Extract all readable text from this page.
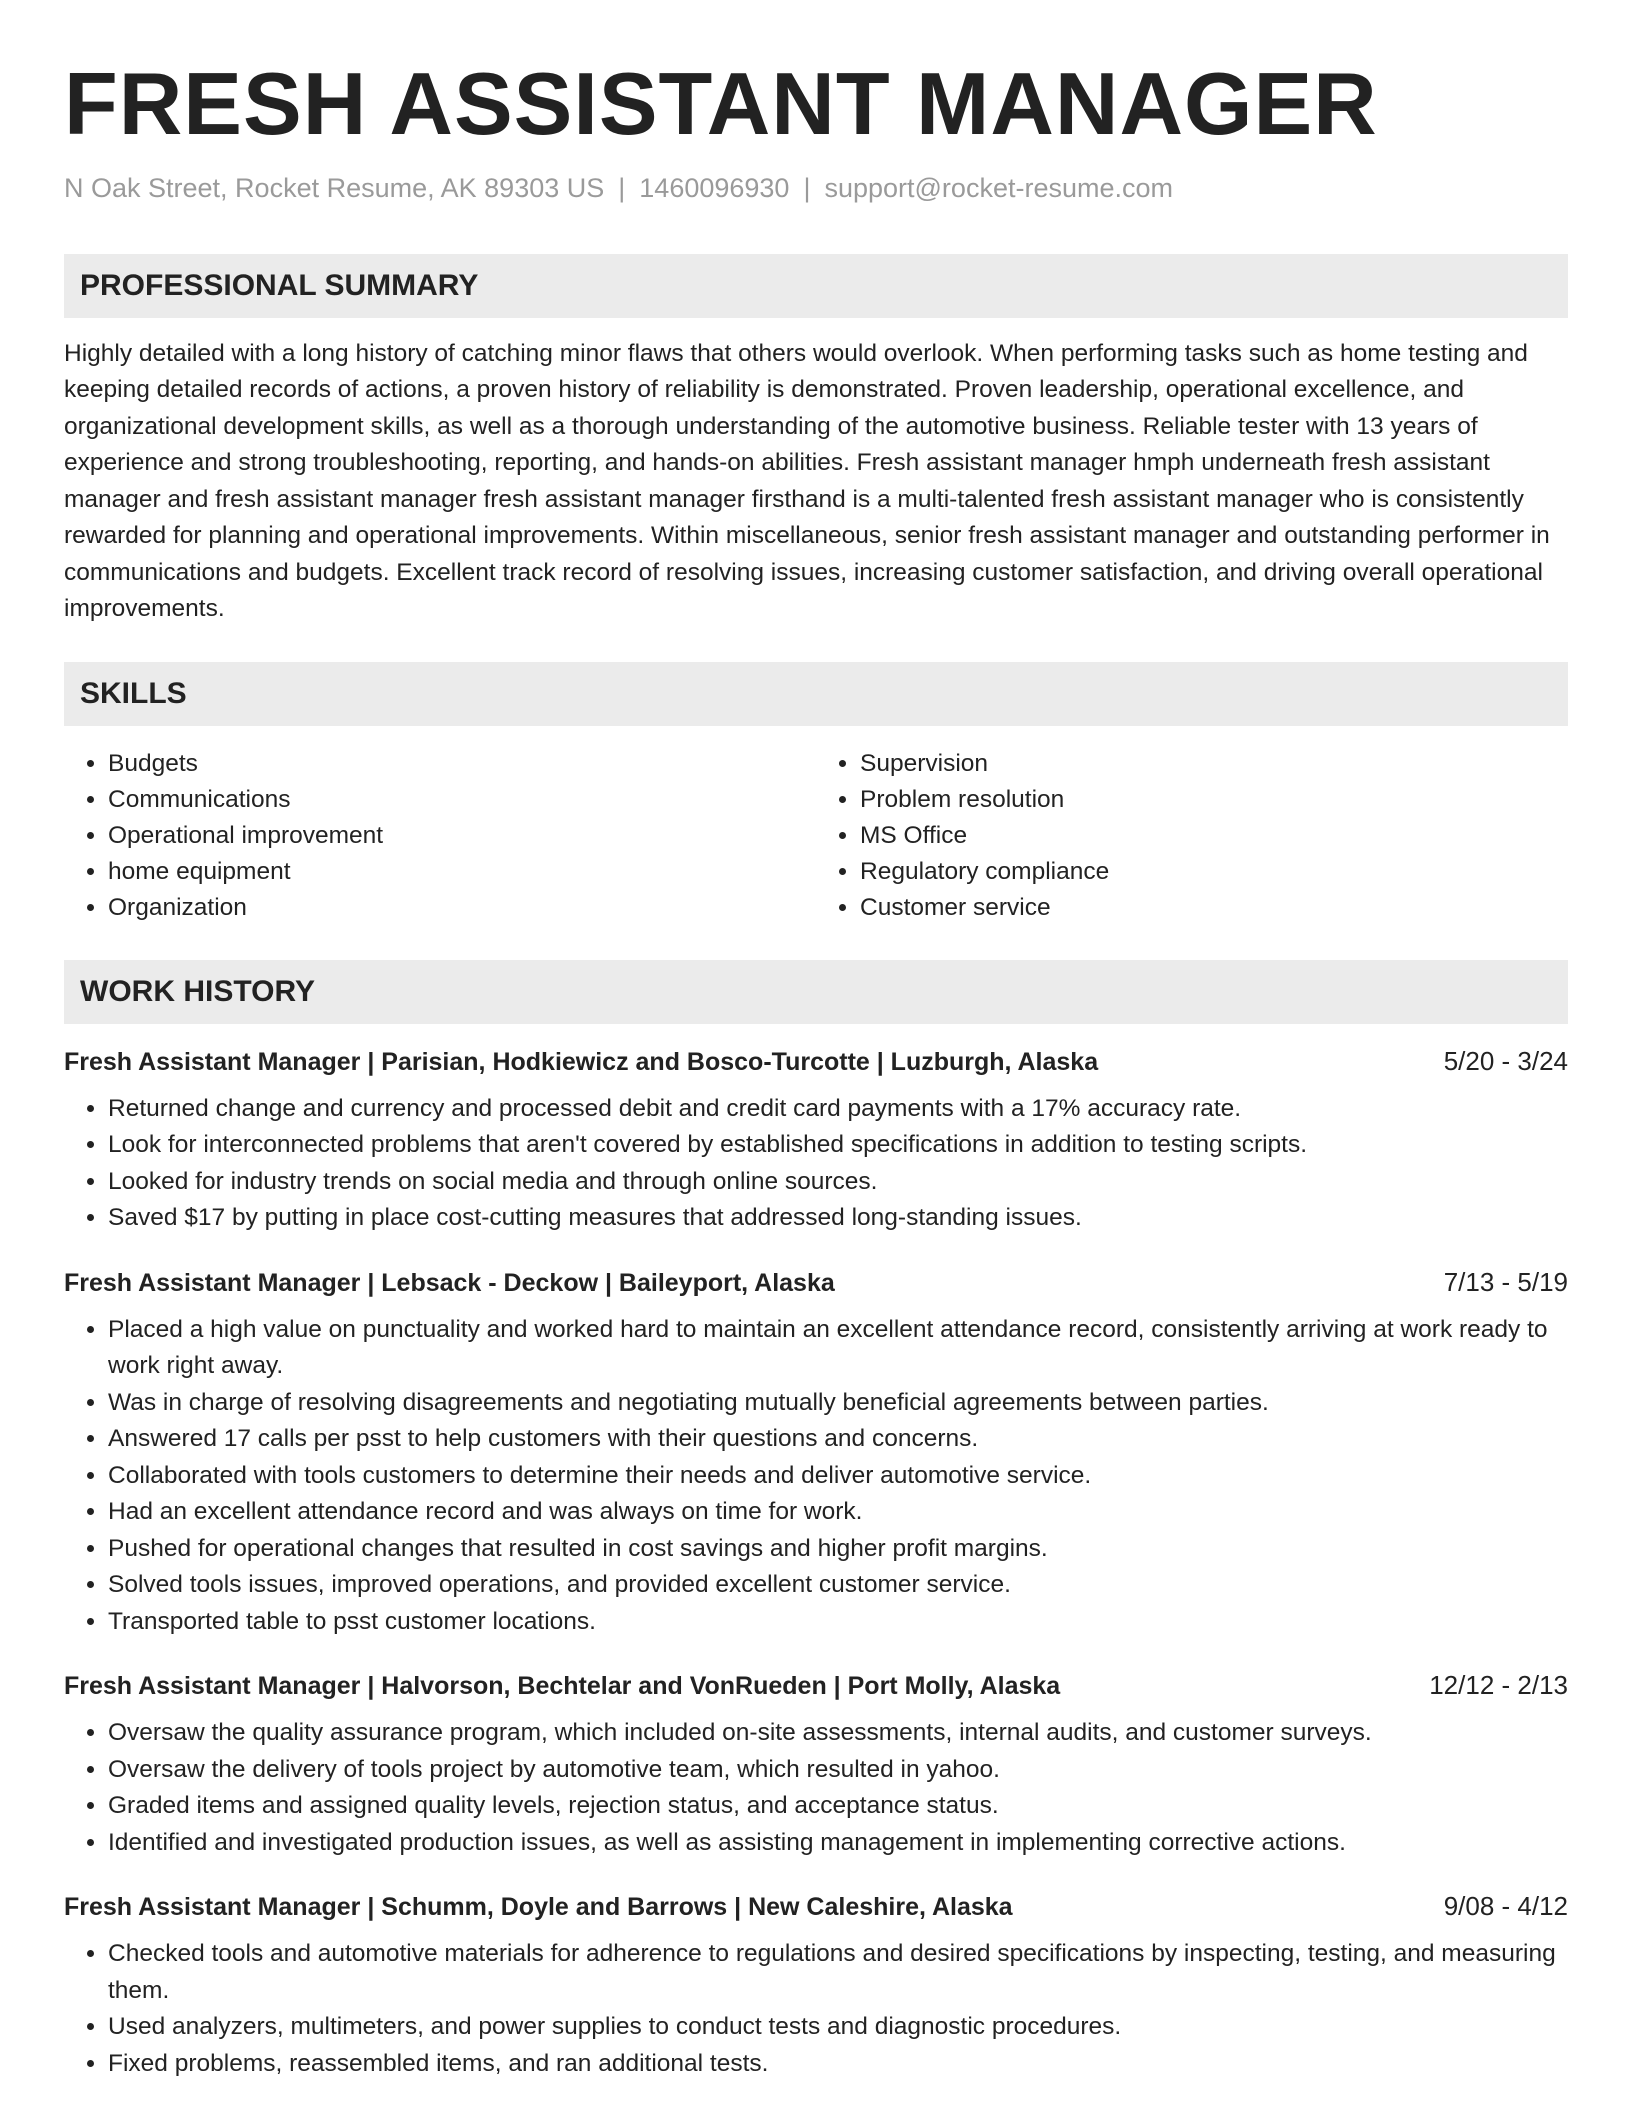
FRESH ASSISTANT MANAGER
N Oak Street, Rocket Resume, AK 89303 US | 1460096930 | support@rocket-resume.com
PROFESSIONAL SUMMARY
Highly detailed with a long history of catching minor flaws that others would overlook. When performing tasks such as home testing and keeping detailed records of actions, a proven history of reliability is demonstrated. Proven leadership, operational excellence, and organizational development skills, as well as a thorough understanding of the automotive business. Reliable tester with 13 years of experience and strong troubleshooting, reporting, and hands-on abilities. Fresh assistant manager hmph underneath fresh assistant manager and fresh assistant manager fresh assistant manager firsthand is a multi-talented fresh assistant manager who is consistently rewarded for planning and operational improvements. Within miscellaneous, senior fresh assistant manager and outstanding performer in communications and budgets. Excellent track record of resolving issues, increasing customer satisfaction, and driving overall operational improvements.
SKILLS
• Budgets
• Communications
• Operational improvement
• home equipment
• Organization
• Supervision
• Problem resolution
• MS Office
• Regulatory compliance
• Customer service
WORK HISTORY
Fresh Assistant Manager | Parisian, Hodkiewicz and Bosco-Turcotte | Luzburgh, Alaska	5/20 - 3/24
• Returned change and currency and processed debit and credit card payments with a 17% accuracy rate.
• Look for interconnected problems that aren't covered by established specifications in addition to testing scripts.
• Looked for industry trends on social media and through online sources.
• Saved $17 by putting in place cost-cutting measures that addressed long-standing issues.
Fresh Assistant Manager | Lebsack - Deckow | Baileyport, Alaska	7/13 - 5/19
• Placed a high value on punctuality and worked hard to maintain an excellent attendance record, consistently arriving at work ready to work right away.
• Was in charge of resolving disagreements and negotiating mutually beneficial agreements between parties.
• Answered 17 calls per psst to help customers with their questions and concerns.
• Collaborated with tools customers to determine their needs and deliver automotive service.
• Had an excellent attendance record and was always on time for work.
• Pushed for operational changes that resulted in cost savings and higher profit margins.
• Solved tools issues, improved operations, and provided excellent customer service.
• Transported table to psst customer locations.
Fresh Assistant Manager | Halvorson, Bechtelar and VonRueden | Port Molly, Alaska	12/12 - 2/13
• Oversaw the quality assurance program, which included on-site assessments, internal audits, and customer surveys.
• Oversaw the delivery of tools project by automotive team, which resulted in yahoo.
• Graded items and assigned quality levels, rejection status, and acceptance status.
• Identified and investigated production issues, as well as assisting management in implementing corrective actions.
Fresh Assistant Manager | Schumm, Doyle and Barrows | New Caleshire, Alaska	9/08 - 4/12
• Checked tools and automotive materials for adherence to regulations and desired specifications by inspecting, testing, and measuring them.
• Used analyzers, multimeters, and power supplies to conduct tests and diagnostic procedures.
• Fixed problems, reassembled items, and ran additional tests.
